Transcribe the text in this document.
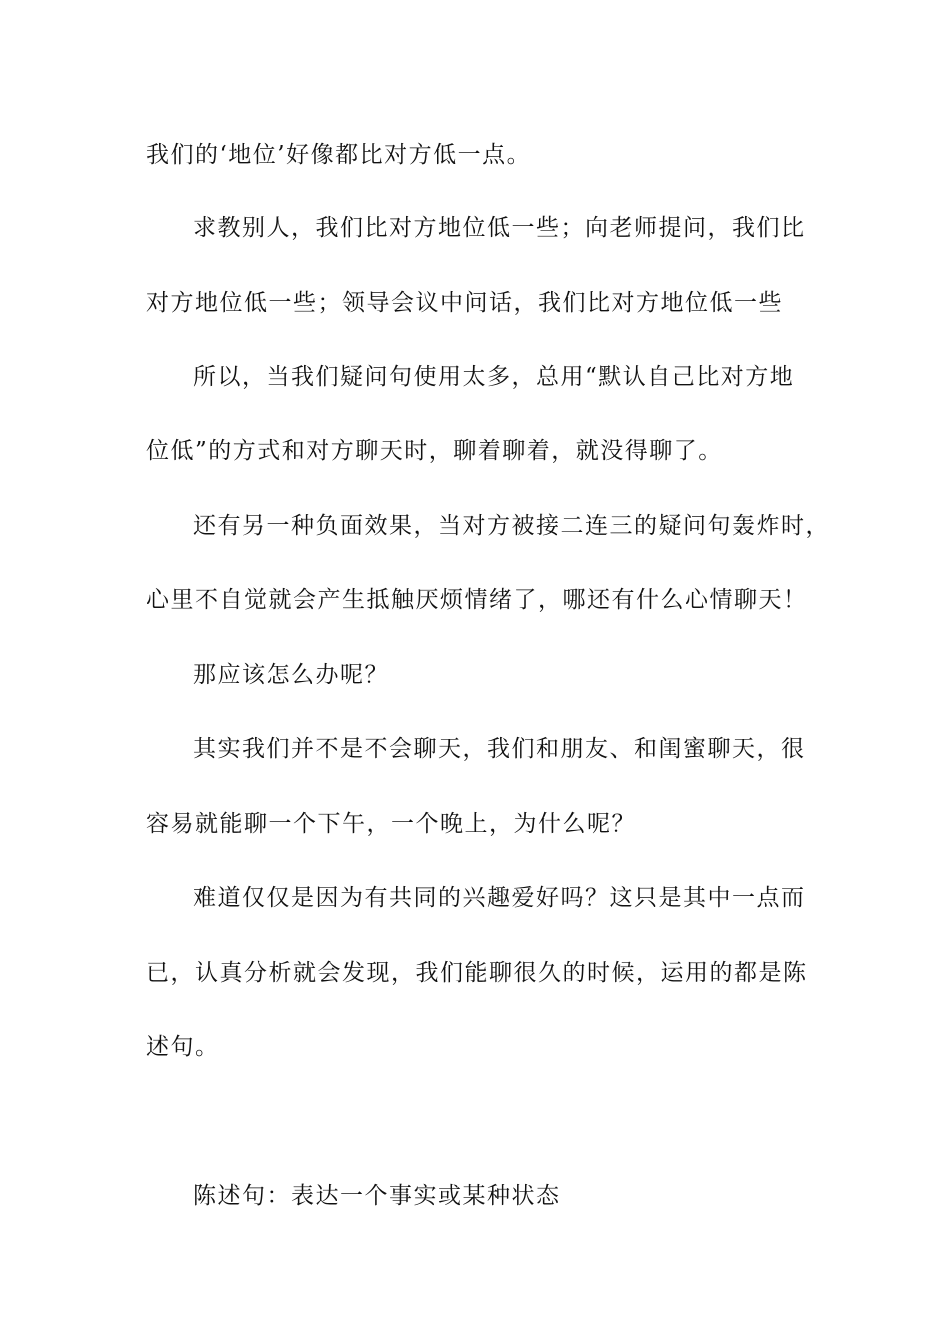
我们的‘地位’好像都比对方低一点。
求教别人，我们比对方地位低一些；向老师提问，我们比
对方地位低一些；领导会议中问话，我们比对方地位低一些
所以，当我们疑问句使用太多，总用“默认自己比对方地
位低”的方式和对方聊天时，聊着聊着，就没得聊了。
还有另一种负面效果，当对方被接二连三的疑问句轰炸时，
心里不自觉就会产生抵触厌烦情绪了，哪还有什么心情聊天！
那应该怎么办呢？
其实我们并不是不会聊天，我们和朋友、和闺蜜聊天，很
容易就能聊一个下午，一个晚上，为什么呢？
难道仅仅是因为有共同的兴趣爱好吗？这只是其中一点而
已，认真分析就会发现，我们能聊很久的时候，运用的都是陈
述句。
陈述句：表达一个事实或某种状态
